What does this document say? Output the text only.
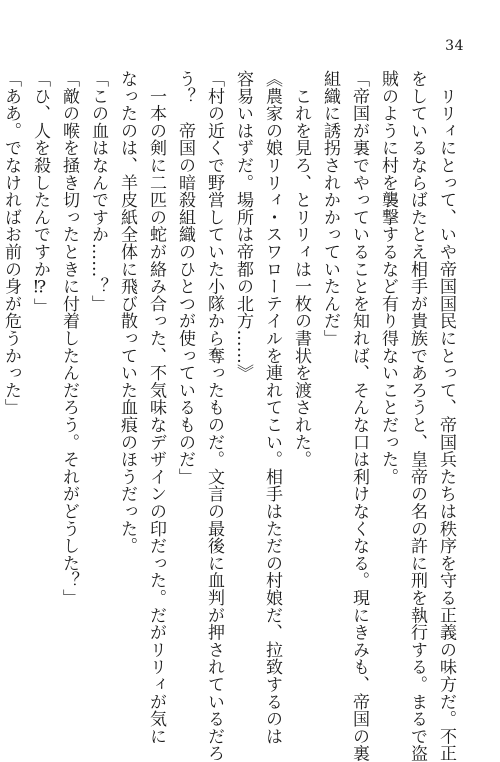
34
　リリィにとって、いや帝国国民にとって、帝国兵たちは秩序を守る正義の味方だ。不正
をしているならばたとえ相手が貴族であろうと、皇帝の名の許に刑を執行する。まるで盗
賊のように村を襲撃するなど有り得ないことだった。
「帝国が裏でやっていることを知れば、そんな口は利けなくなる。現にきみも、帝国の裏
組織に誘拐されかかっていたんだ」
　これを見ろ、とリリィは一枚の書状を渡された。
《農家の娘リリィ・スワローテイルを連れてこい。相手はただの村娘だ、拉致するのは
容易いはずだ。場所は帝都の北方……》
「村の近くで野営していた小隊から奪ったものだ。文言の最後に血判が押されているだろ
う？　帝国の暗殺組織のひとつが使っているものだ」
　一本の剣に二匹の蛇が絡み合った、不気味なデザインの印だった。だがリリィが気に
なったのは、羊皮紙全体に飛び散っていた血痕のほうだった。
「この血はなんですか……？」
「敵の喉を掻き切ったときに付着したんだろう。それがどうした？」
「ひ、人を殺したんですか⁉」
「ああ。でなければお前の身が危うかった」
